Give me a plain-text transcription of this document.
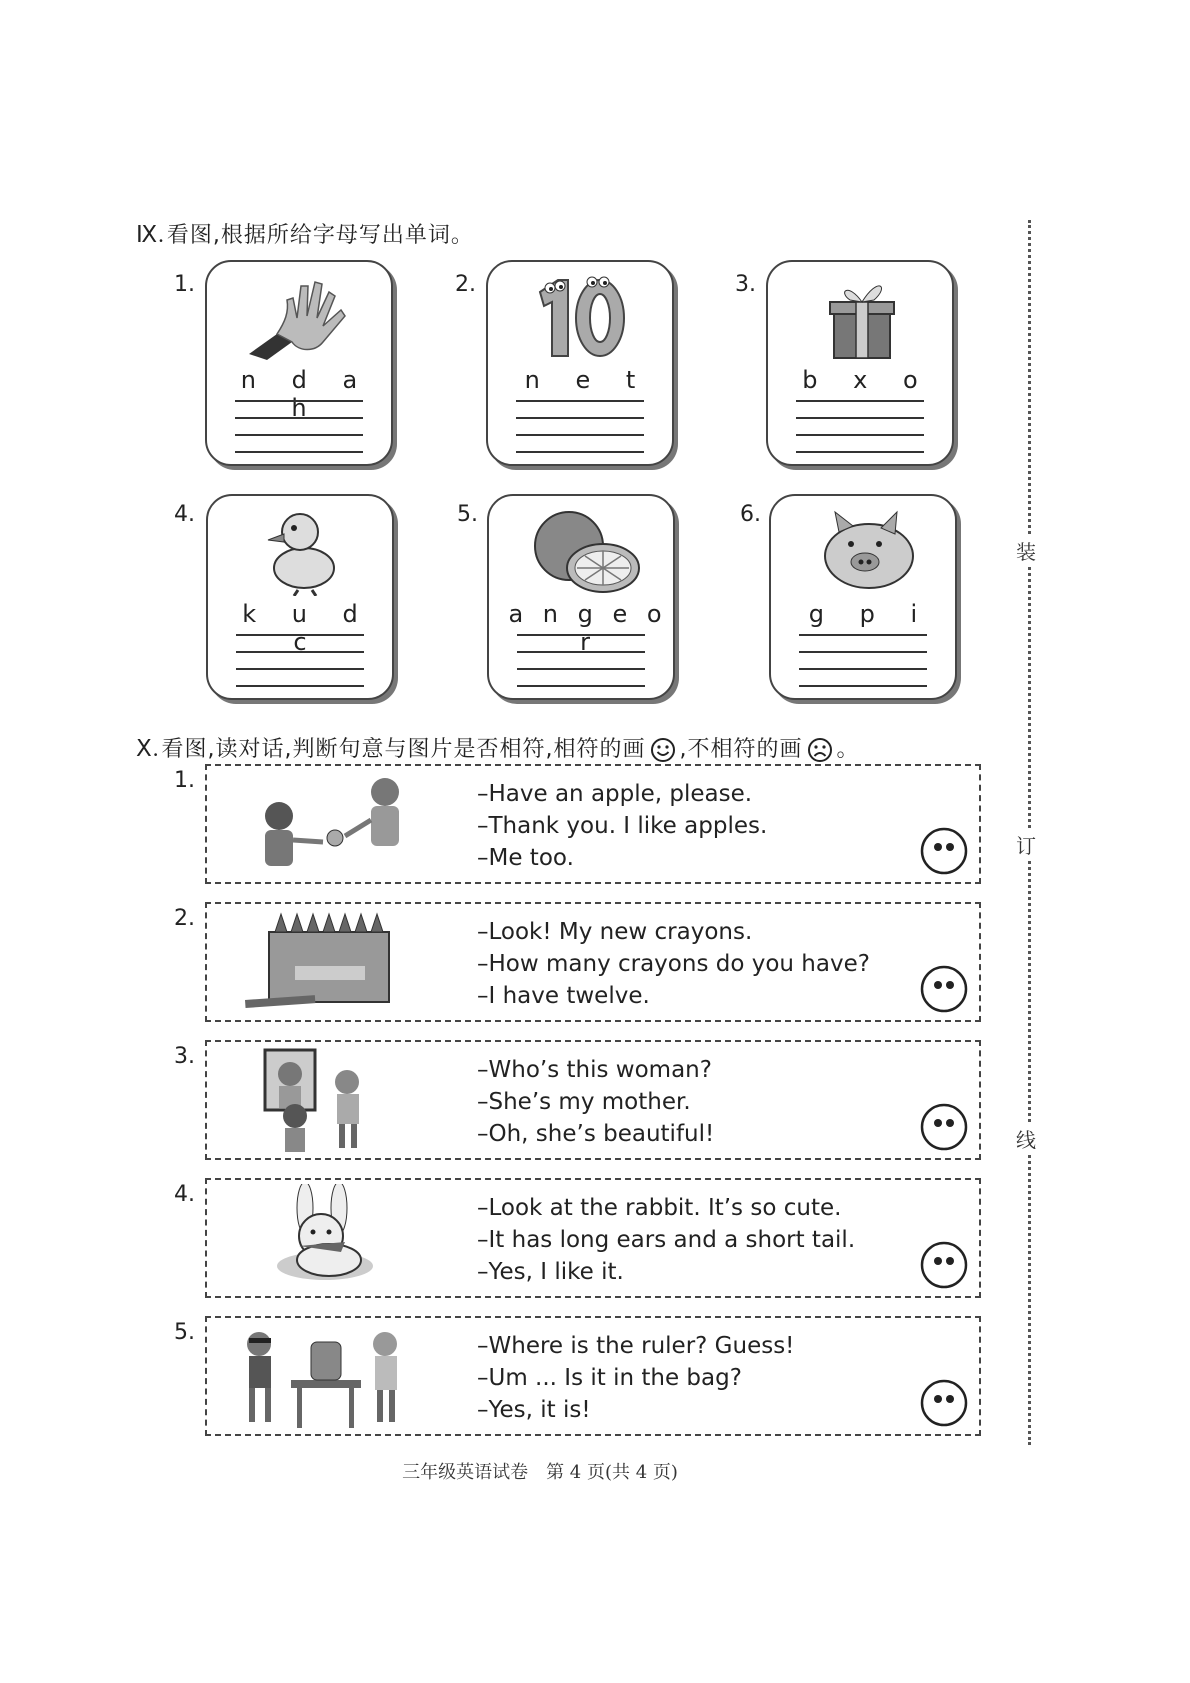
Ⅸ.看图,根据所给字母写出单词。
1.
n d a h
2.
n e t
3.
b x o
4.
k u d c
5.
a n g e o r
6.
g p i
Ⅹ.看图,读对话,判断句意与图片是否相符,相符的画 ,不相符的画 。
1.
–Have an apple, please.
–Thank you. I like apples.
–Me too.
2.
–Look! My new crayons.
–How many crayons do you have?
–I have twelve.
3.
–Who’s this woman?
–She’s my mother.
–Oh, she’s beautiful!
4.
–Look at the rabbit. It’s so cute.
–It has long ears and a short tail.
–Yes, I like it.
5.
–Where is the ruler? Guess!
–Um ... Is it in the bag?
–Yes, it is!
装
订
线
三年级英语试卷　第 4 页(共 4 页)
